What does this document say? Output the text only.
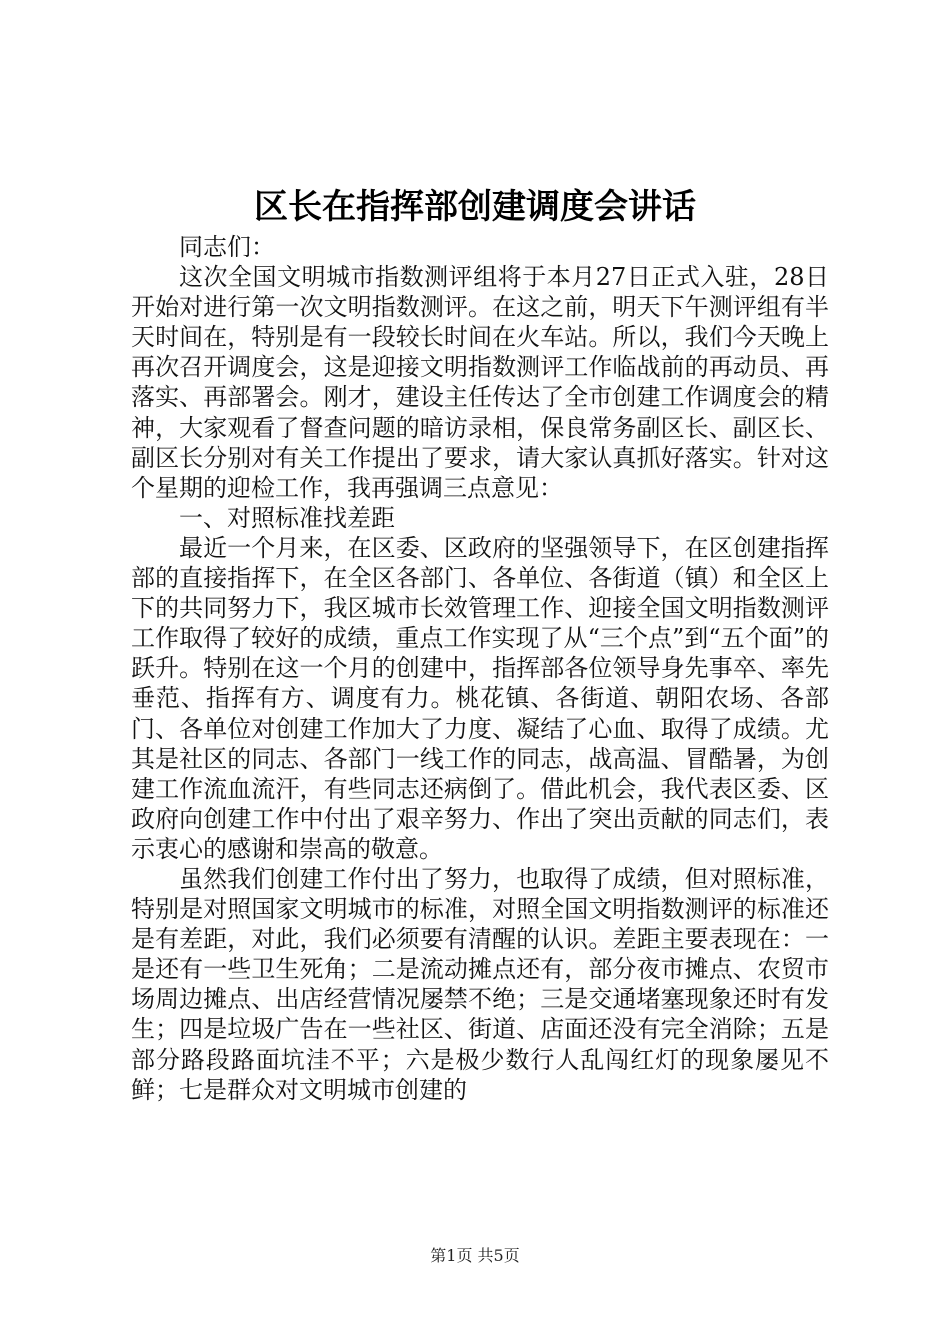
区长在指挥部创建调度会讲话

同志们：

这次全国文明城市指数测评组将于本月27日正式入驻，28日开始对进行第一次文明指数测评。在这之前，明天下午测评组有半天时间在，特别是有一段较长时间在火车站。所以，我们今天晚上再次召开调度会，这是迎接文明指数测评工作临战前的再动员、再落实、再部署会。刚才，建设主任传达了全市创建工作调度会的精神，大家观看了督查问题的暗访录相，保良常务副区长、副区长、副区长分别对有关工作提出了要求，请大家认真抓好落实。针对这个星期的迎检工作，我再强调三点意见：

一、对照标准找差距

最近一个月来，在区委、区政府的坚强领导下，在区创建指挥部的直接指挥下，在全区各部门、各单位、各街道（镇）和全区上下的共同努力下，我区城市长效管理工作、迎接全国文明指数测评工作取得了较好的成绩，重点工作实现了从“三个点”到“五个面”的跃升。特别在这一个月的创建中，指挥部各位领导身先事卒、率先垂范、指挥有方、调度有力。桃花镇、各街道、朝阳农场、各部门、各单位对创建工作加大了力度、凝结了心血、取得了成绩。尤其是社区的同志、各部门一线工作的同志，战高温、冒酷暑，为创建工作流血流汗，有些同志还病倒了。借此机会，我代表区委、区政府向创建工作中付出了艰辛努力、作出了突出贡献的同志们，表示衷心的感谢和崇高的敬意。

虽然我们创建工作付出了努力，也取得了成绩，但对照标准，特别是对照国家文明城市的标准，对照全国文明指数测评的标准还是有差距，对此，我们必须要有清醒的认识。差距主要表现在：一是还有一些卫生死角；二是流动摊点还有，部分夜市摊点、农贸市场周边摊点、出店经营情况屡禁不绝；三是交通堵塞现象还时有发生；四是垃圾广告在一些社区、街道、店面还没有完全消除；五是部分路段路面坑洼不平；六是极少数行人乱闯红灯的现象屡见不鲜；七是群众对文明城市创建的

第1页 共5页
